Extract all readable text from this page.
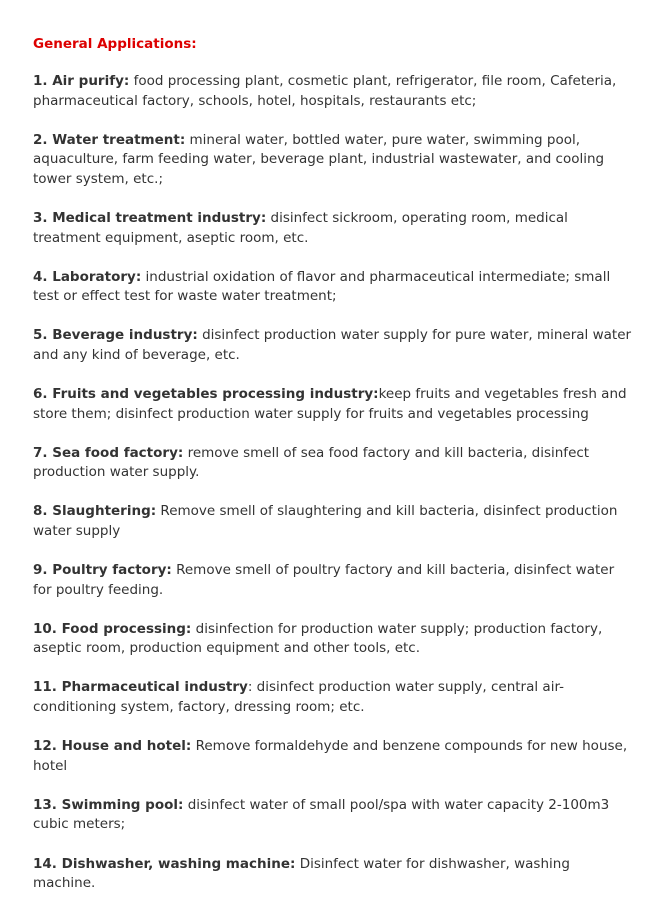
General Applications:
1. Air purify: food processing plant, cosmetic plant, refrigerator, file room, Cafeteria, pharmaceutical factory, schools, hotel, hospitals, restaurants etc;
2. Water treatment: mineral water, bottled water, pure water, swimming pool, aquaculture, farm feeding water, beverage plant, industrial wastewater, and cooling tower system, etc.;
3. Medical treatment industry: disinfect sickroom, operating room, medical treatment equipment, aseptic room, etc.
4. Laboratory: industrial oxidation of flavor and pharmaceutical intermediate; small test or effect test for waste water treatment;
5. Beverage industry: disinfect production water supply for pure water, mineral water and any kind of beverage, etc.
6. Fruits and vegetables processing industry:keep fruits and vegetables fresh and store them; disinfect production water supply for fruits and vegetables processing
7. Sea food factory: remove smell of sea food factory and kill bacteria, disinfect production water supply.
8. Slaughtering: Remove smell of slaughtering and kill bacteria, disinfect production water supply
9. Poultry factory: Remove smell of poultry factory and kill bacteria, disinfect water for poultry feeding.
10. Food processing: disinfection for production water supply; production factory, aseptic room, production equipment and other tools, etc.
11. Pharmaceutical industry: disinfect production water supply, central air-conditioning system, factory, dressing room; etc.
12. House and hotel: Remove formaldehyde and benzene compounds for new house, hotel
13. Swimming pool: disinfect water of small pool/spa with water capacity 2-100m3 cubic meters;
14. Dishwasher, washing machine: Disinfect water for dishwasher, washing machine.
